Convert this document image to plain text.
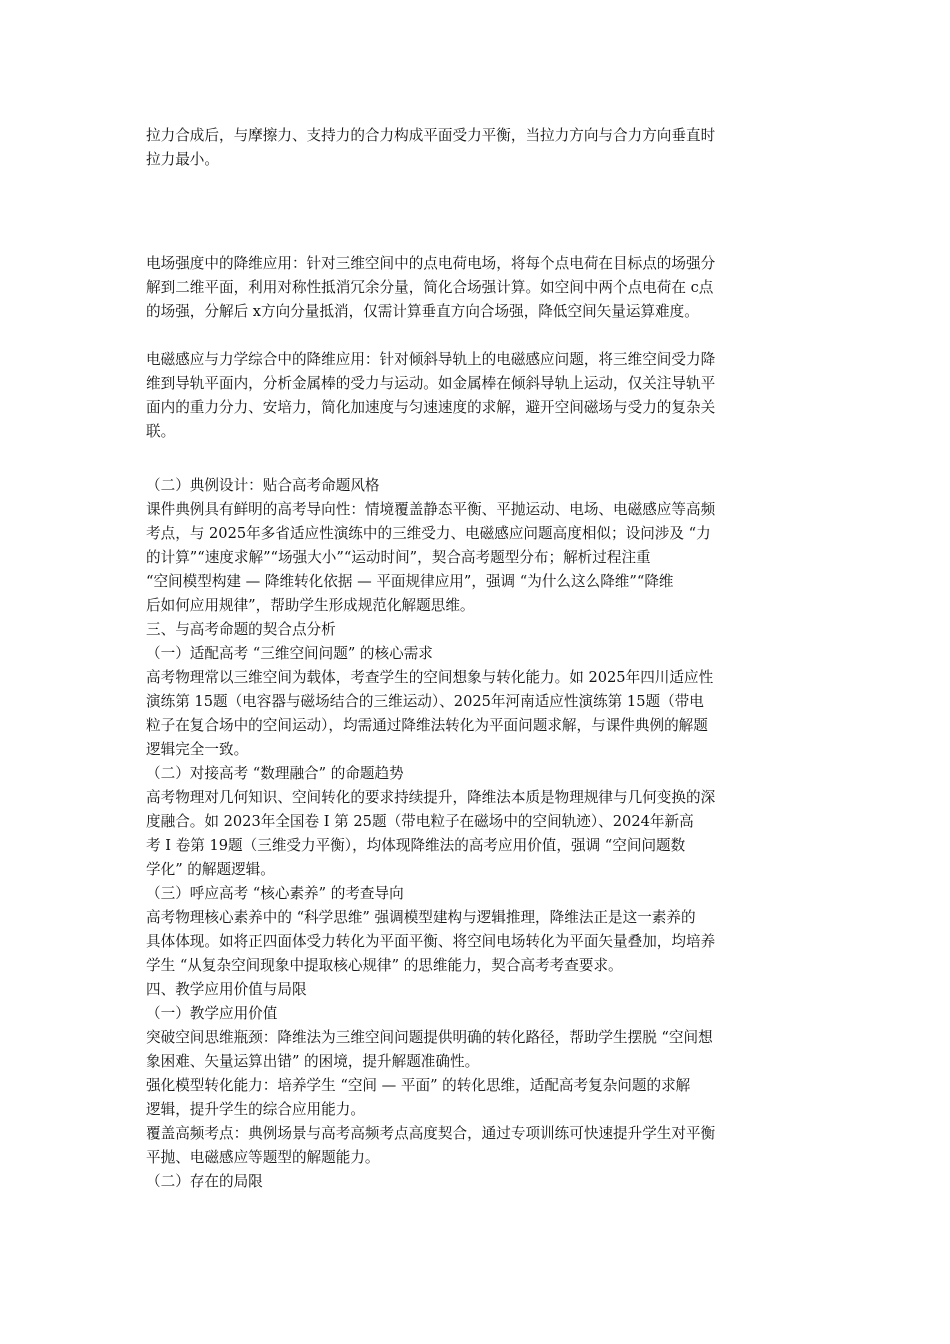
拉力合成后，与摩擦力、支持力的合力构成平面受力平衡，当拉力方向与合力方向垂直时
拉力最小。
电场强度中的降维应用：针对三维空间中的点电荷电场，将每个点电荷在目标点的场强分
解到二维平面，利用对称性抵消冗余分量，简化合场强计算。如空间中两个点电荷在 c点
的场强，分解后 x方向分量抵消，仅需计算垂直方向合场强，降低空间矢量运算难度。
电磁感应与力学综合中的降维应用：针对倾斜导轨上的电磁感应问题，将三维空间受力降
维到导轨平面内，分析金属棒的受力与运动。如金属棒在倾斜导轨上运动，仅关注导轨平
面内的重力分力、安培力，简化加速度与匀速速度的求解，避开空间磁场与受力的复杂关
联。
（二）典例设计：贴合高考命题风格
课件典例具有鲜明的高考导向性：情境覆盖静态平衡、平抛运动、电场、电磁感应等高频
考点，与 2025年多省适应性演练中的三维受力、电磁感应问题高度相似；设问涉及 “力
的计算”“速度求解”“场强大小”“运动时间”，契合高考题型分布；解析过程注重
“空间模型构建 — 降维转化依据 — 平面规律应用”，强调 “为什么这么降维”“降维
后如何应用规律”，帮助学生形成规范化解题思维。
三、与高考命题的契合点分析
（一）适配高考 “三维空间问题” 的核心需求
高考物理常以三维空间为载体，考查学生的空间想象与转化能力。如 2025年四川适应性
演练第 15题（电容器与磁场结合的三维运动）、2025年河南适应性演练第 15题（带电
粒子在复合场中的空间运动），均需通过降维法转化为平面问题求解，与课件典例的解题
逻辑完全一致。
（二）对接高考 “数理融合” 的命题趋势
高考物理对几何知识、空间转化的要求持续提升，降维法本质是物理规律与几何变换的深
度融合。如 2023年全国卷 Ⅰ 第 25题（带电粒子在磁场中的空间轨迹）、2024年新高
考 Ⅰ 卷第 19题（三维受力平衡），均体现降维法的高考应用价值，强调 “空间问题数
学化” 的解题逻辑。
（三）呼应高考 “核心素养” 的考查导向
高考物理核心素养中的 “科学思维” 强调模型建构与逻辑推理，降维法正是这一素养的
具体体现。如将正四面体受力转化为平面平衡、将空间电场转化为平面矢量叠加，均培养
学生 “从复杂空间现象中提取核心规律” 的思维能力，契合高考考查要求。
四、教学应用价值与局限
（一）教学应用价值
突破空间思维瓶颈：降维法为三维空间问题提供明确的转化路径，帮助学生摆脱 “空间想
象困难、矢量运算出错” 的困境，提升解题准确性。
强化模型转化能力：培养学生 “空间 — 平面” 的转化思维，适配高考复杂问题的求解
逻辑，提升学生的综合应用能力。
覆盖高频考点：典例场景与高考高频考点高度契合，通过专项训练可快速提升学生对平衡
平抛、电磁感应等题型的解题能力。
（二）存在的局限
